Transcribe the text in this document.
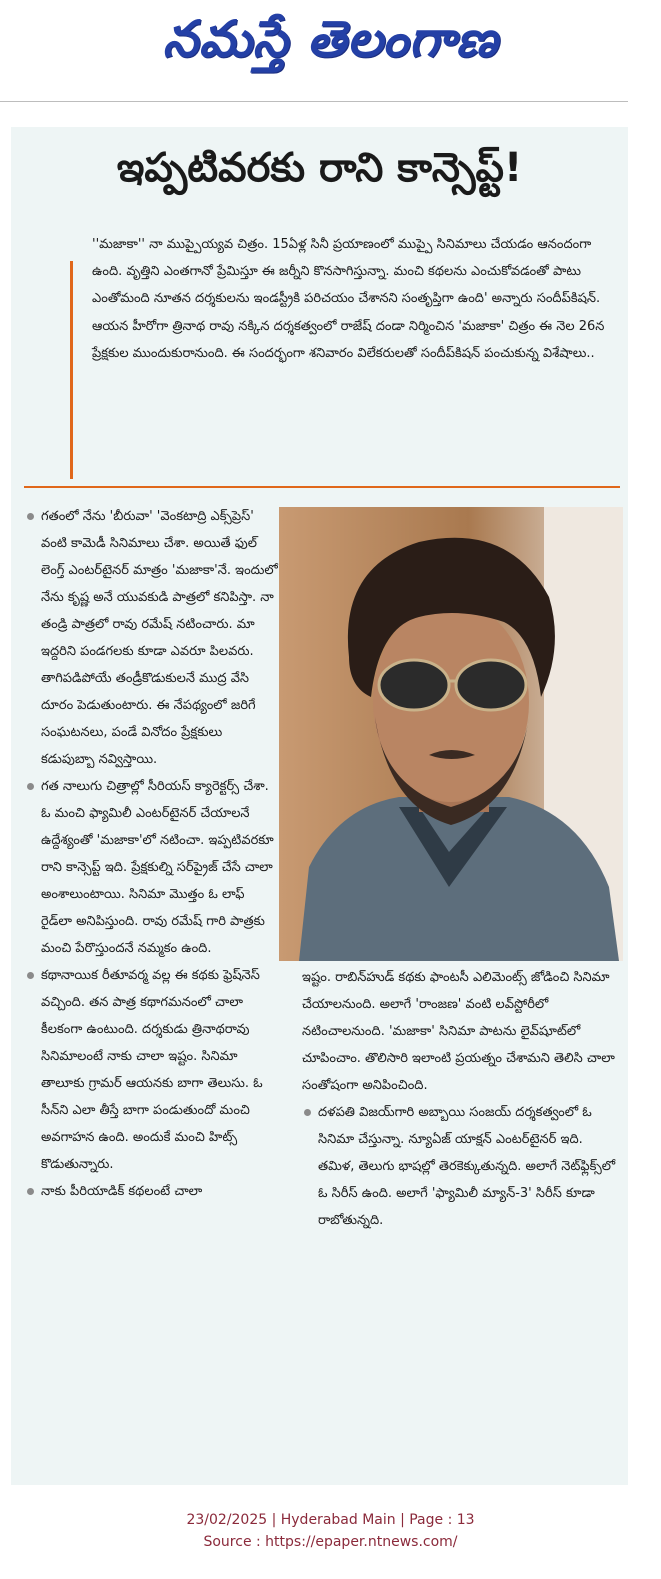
నమస్తే తెలంగాణ
ఇప్పటివరకు రాని కాన్సెప్ట్!

''మజాకా'' నా ముప్పైయ్యవ చిత్రం. 15ఏళ్ల సినీ ప్రయాణంలో ముప్పై సినిమాలు చేయడం ఆనందంగా ఉంది. వృత్తిని ఎంతగానో ప్రేమిస్తూ ఈ జర్నీని కొనసాగిస్తున్నా. మంచి కథలను ఎంచుకోవడంతో పాటు ఎంతోమంది నూతన దర్శకులను ఇండస్ట్రీకి పరిచయం చేశానని సంతృప్తిగా ఉంది' అన్నారు సందీప్‌కిషన్. ఆయన హీరోగా త్రినాథ రావు నక్కిన దర్శకత్వంలో రాజేష్ దండా నిర్మించిన 'మజాకా' చిత్రం ఈ నెల 26న ప్రేక్షకుల ముందుకురానుంది. ఈ సందర్భంగా శనివారం విలేకరులతో సందీప్‌కిషన్ పంచుకున్న విశేషాలు..

గతంలో నేను 'బీరువా' 'వెంకటాద్రి ఎక్స్‌ప్రెస్' వంటి కామెడీ సినిమాలు చేశా. అయితే ఫుల్ లెంగ్త్ ఎంటర్‌టైనర్ మాత్రం 'మజాకా'నే. ఇందులో నేను కృష్ణ అనే యువకుడి పాత్రలో కనిపిస్తా. నా తండ్రి పాత్రలో రావు రమేష్ నటించారు. మా ఇద్దరిని పండగలకు కూడా ఎవరూ పిలవరు. తాగిపడిపోయే తండ్రీకొడుకులనే ముద్ర వేసి దూరం పెడుతుంటారు. ఈ నేపథ్యంలో జరిగే సంఘటనలు, పండే వినోదం ప్రేక్షకులు కడుపుబ్బా నవ్విస్తాయి.

గత నాలుగు చిత్రాల్లో సీరియస్ క్యారెక్టర్స్ చేశా. ఓ మంచి ఫ్యామిలీ ఎంటర్‌టైనర్ చేయాలనే ఉద్దేశ్యంతో 'మజాకా'లో నటించా. ఇప్పటివరకూ రాని కాన్సెప్ట్ ఇది. ప్రేక్షకుల్ని సర్‌ప్రైజ్ చేసే చాలా అంశాలుంటాయి. సినిమా మొత్తం ఓ లాఫ్ రైడ్‌లా అనిపిస్తుంది. రావు రమేష్ గారి పాత్రకు మంచి పేరొస్తుందనే నమ్మకం ఉంది.

కథానాయిక రీతూవర్మ వల్ల ఈ కథకు ఫ్రెష్‌నెస్ వచ్చింది. తన పాత్ర కథాగమనంలో చాలా కీలకంగా ఉంటుంది. దర్శకుడు త్రినాథరావు సినిమాలంటే నాకు చాలా ఇష్టం. సినిమా తాలూకు గ్రామర్ ఆయనకు బాగా తెలుసు. ఓ సీన్‌ని ఎలా తీస్తే బాగా పండుతుందో మంచి అవగాహన ఉంది. అందుకే మంచి హిట్స్ కొడుతున్నారు.

నాకు పీరియాడిక్ కథలంటే చాలా

ఇష్టం. రాబిన్‌హుడ్ కథకు ఫాంటసీ ఎలిమెంట్స్ జోడించి సినిమా చేయాలనుంది. అలాగే 'రాంజణ' వంటి లవ్‌స్టోరీలో నటించాలనుంది. 'మజాకా' సినిమా పాటను లైవ్‌షూట్‌లో చూపించాం. తొలిసారి ఇలాంటి ప్రయత్నం చేశామని తెలిసి చాలా సంతోషంగా అనిపించింది.

దళపతి విజయ్‌గారి అబ్బాయి సంజయ్ దర్శకత్వంలో ఓ సినిమా చేస్తున్నా. న్యూఏజ్ యాక్షన్ ఎంటర్‌టైనర్ ఇది. తమిళ, తెలుగు భాషల్లో తెరకెక్కుతున్నది. అలాగే నెట్‌ఫ్లిక్స్‌లో ఓ సిరీస్ ఉంది. అలాగే 'ఫ్యామిలీ మ్యాన్-3' సిరీస్ కూడా రాబోతున్నది.

23/02/2025 | Hyderabad Main | Page : 13
Source : https://epaper.ntnews.com/
